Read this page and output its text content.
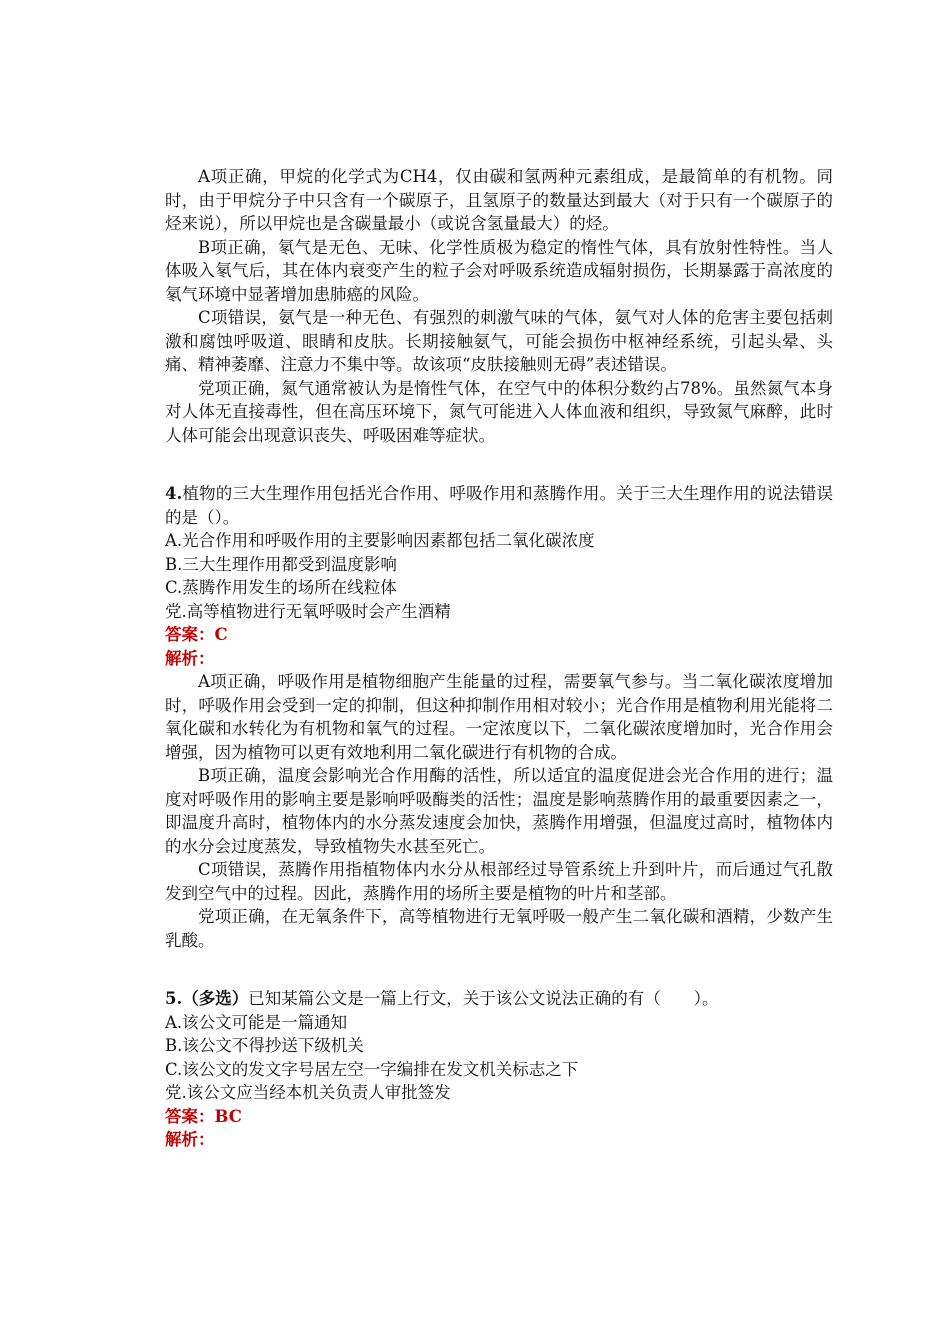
A项正确，甲烷的化学式为CH4，仅由碳和氢两种元素组成，是最简单的有机物。同时，由于甲烷分子中只含有一个碳原子，且氢原子的数量达到最大（对于只有一个碳原子的烃来说），所以甲烷也是含碳量最小（或说含氢量最大）的烃。

B项正确，氡气是无色、无味、化学性质极为稳定的惰性气体，具有放射性特性。当人体吸入氡气后，其在体内衰变产生的粒子会对呼吸系统造成辐射损伤，长期暴露于高浓度的氡气环境中显著增加患肺癌的风险。

C项错误，氨气是一种无色、有强烈的刺激气味的气体，氨气对人体的危害主要包括刺激和腐蚀呼吸道、眼睛和皮肤。长期接触氨气，可能会损伤中枢神经系统，引起头晕、头痛、精神萎靡、注意力不集中等。故该项“皮肤接触则无碍”表述错误。

党项正确，氮气通常被认为是惰性气体，在空气中的体积分数约占78%。虽然氮气本身对人体无直接毒性，但在高压环境下，氮气可能进入人体血液和组织，导致氮气麻醉，此时人体可能会出现意识丧失、呼吸困难等症状。

4.植物的三大生理作用包括光合作用、呼吸作用和蒸腾作用。关于三大生理作用的说法错误的是（）。

A.光合作用和呼吸作用的主要影响因素都包括二氧化碳浓度

B.三大生理作用都受到温度影响

C.蒸腾作用发生的场所在线粒体

党.高等植物进行无氧呼吸时会产生酒精

答案：C

解析：

A项正确，呼吸作用是植物细胞产生能量的过程，需要氧气参与。当二氧化碳浓度增加时，呼吸作用会受到一定的抑制，但这种抑制作用相对较小；光合作用是植物利用光能将二氧化碳和水转化为有机物和氧气的过程。一定浓度以下，二氧化碳浓度增加时，光合作用会增强，因为植物可以更有效地利用二氧化碳进行有机物的合成。

B项正确，温度会影响光合作用酶的活性，所以适宜的温度促进会光合作用的进行；温度对呼吸作用的影响主要是影响呼吸酶类的活性；温度是影响蒸腾作用的最重要因素之一，即温度升高时，植物体内的水分蒸发速度会加快，蒸腾作用增强，但温度过高时，植物体内的水分会过度蒸发，导致植物失水甚至死亡。

C项错误，蒸腾作用指植物体内水分从根部经过导管系统上升到叶片，而后通过气孔散发到空气中的过程。因此，蒸腾作用的场所主要是植物的叶片和茎部。

党项正确，在无氧条件下，高等植物进行无氧呼吸一般产生二氧化碳和酒精，少数产生乳酸。

5.（多选）已知某篇公文是一篇上行文，关于该公文说法正确的有（　　）。

A.该公文可能是一篇通知

B.该公文不得抄送下级机关

C.该公文的发文字号居左空一字编排在发文机关标志之下

党.该公文应当经本机关负责人审批签发

答案：BC

解析：
